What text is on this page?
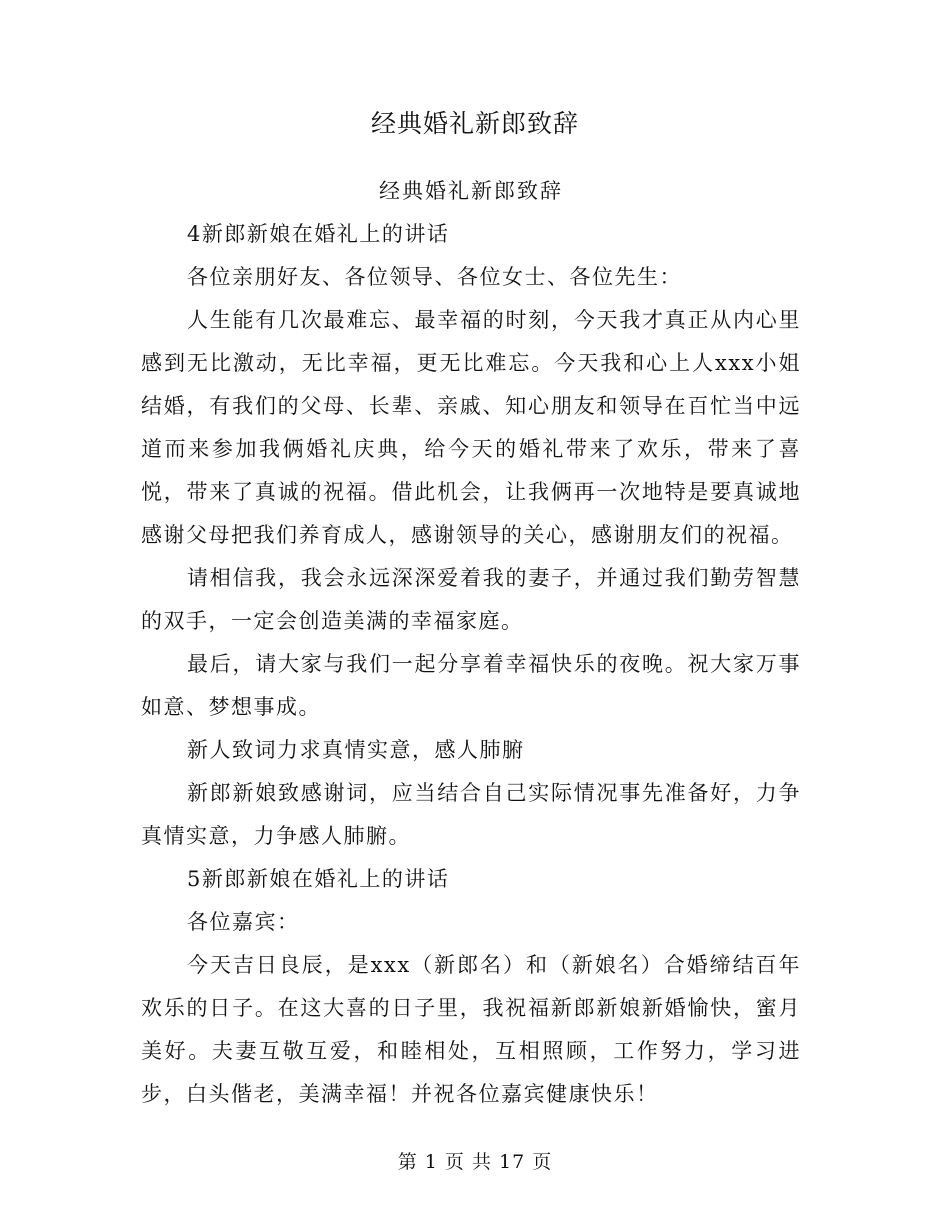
经典婚礼新郎致辞

经典婚礼新郎致辞

4新郎新娘在婚礼上的讲话

各位亲朋好友、各位领导、各位女士、各位先生：

人生能有几次最难忘、最幸福的时刻，今天我才真正从内心里感到无比激动，无比幸福，更无比难忘。今天我和心上人xxx小姐结婚，有我们的父母、长辈、亲戚、知心朋友和领导在百忙当中远道而来参加我俩婚礼庆典，给今天的婚礼带来了欢乐，带来了喜悦，带来了真诚的祝福。借此机会，让我俩再一次地特是要真诚地感谢父母把我们养育成人，感谢领导的关心，感谢朋友们的祝福。

请相信我，我会永远深深爱着我的妻子，并通过我们勤劳智慧的双手，一定会创造美满的幸福家庭。

最后，请大家与我们一起分享着幸福快乐的夜晚。祝大家万事如意、梦想事成。

新人致词力求真情实意，感人肺腑

新郎新娘致感谢词，应当结合自己实际情况事先准备好，力争真情实意，力争感人肺腑。

5新郎新娘在婚礼上的讲话

各位嘉宾：

今天吉日良辰，是xxx（新郎名）和（新娘名）合婚缔结百年欢乐的日子。在这大喜的日子里，我祝福新郎新娘新婚愉快，蜜月美好。夫妻互敬互爱，和睦相处，互相照顾，工作努力，学习进步，白头偕老，美满幸福！并祝各位嘉宾健康快乐！

第 1 页 共 17 页
